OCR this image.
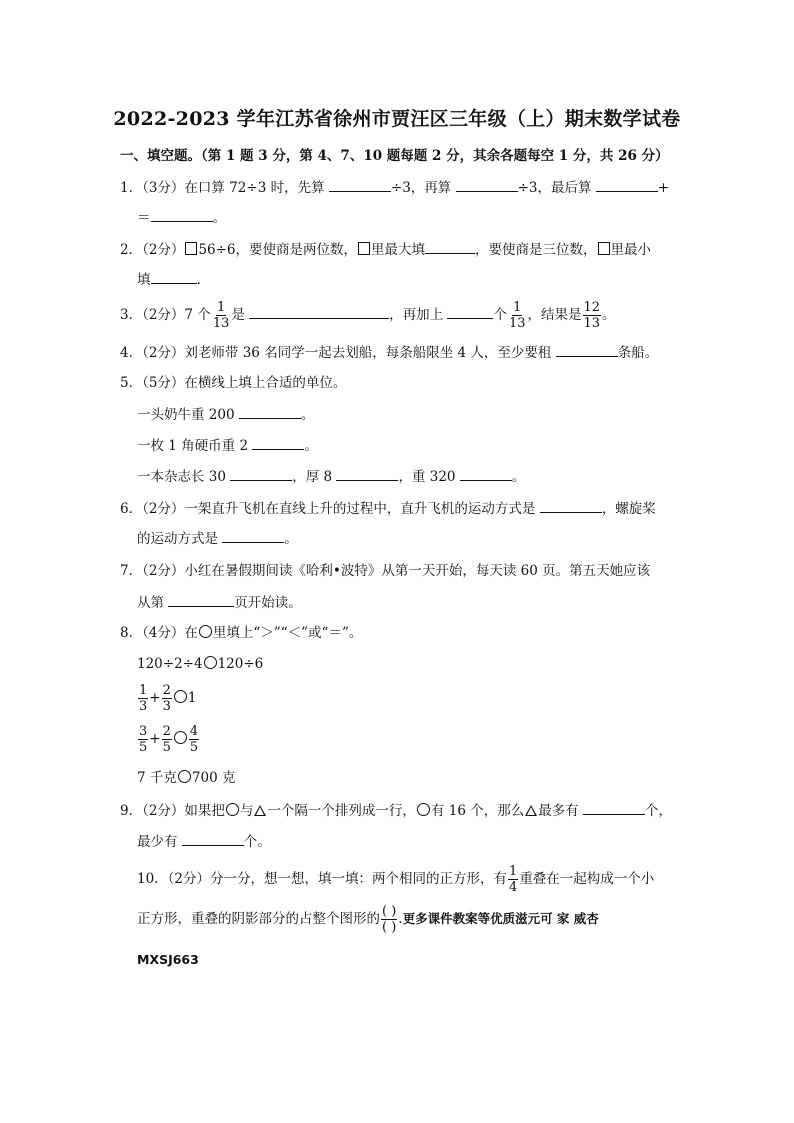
2022-2023 学年江苏省徐州市贾汪区三年级（上）期末数学试卷
一、填空题。（第 1 题 3 分，第 4、7、10 题每题 2 分，其余各题每空 1 分，共 26 分）
1．（3分）在口算 72÷3 时，先算	÷3，再算	÷3，最后算	+
＝	。
2．（2分） 56÷6，要使商是两位数， 里最大填	，要使商是三位数， 里最小
填	.
3．（2分）7 个 $\frac{1}{13}$ 是	，再加上	个 $\frac{1}{13}$ ，结果是 $\frac{12}{13}$ 。
4．（2分）刘老师带 36 名同学一起去划船，每条船限坐 4 人，至少要租	条船。
5．（5分）在横线上填上合适的单位。
一头奶牛重 200	。
一枚 1 角硬币重 2	。
一本杂志长 30	，厚 8	，重 320	。
6．（2分）一架直升飞机在直线上升的过程中，直升飞机的运动方式是	，螺旋桨
的运动方式是	。
7．（2分）小红在暑假期间读《哈利•波特》从第一天开始，每天读 60 页。第五天她应该
从第	页开始读。
8．（4分）在 里填上“＞”“＜”或“＝”。
120÷2÷4 120÷6
$\frac{1}{3} + \frac{2}{3} 1$
$\frac{3}{5} + \frac{2}{5} \frac{4}{5}$
7 千克 700 克
9．（2分）如果把 与 一个隔一个排列成一行， 有 16 个，那么 最多有	个，
最少有	个。
10．（2分）分一分，想一想，填一填：两个相同的正方形，有 $\frac{1}{4}$ 重叠在一起构成一个小
正方形，重叠的阴影部分的占整个图形的 $\frac{( )}{( )}$ .更多课件教案等优质滋元可 家 威杏
MXSJ663
